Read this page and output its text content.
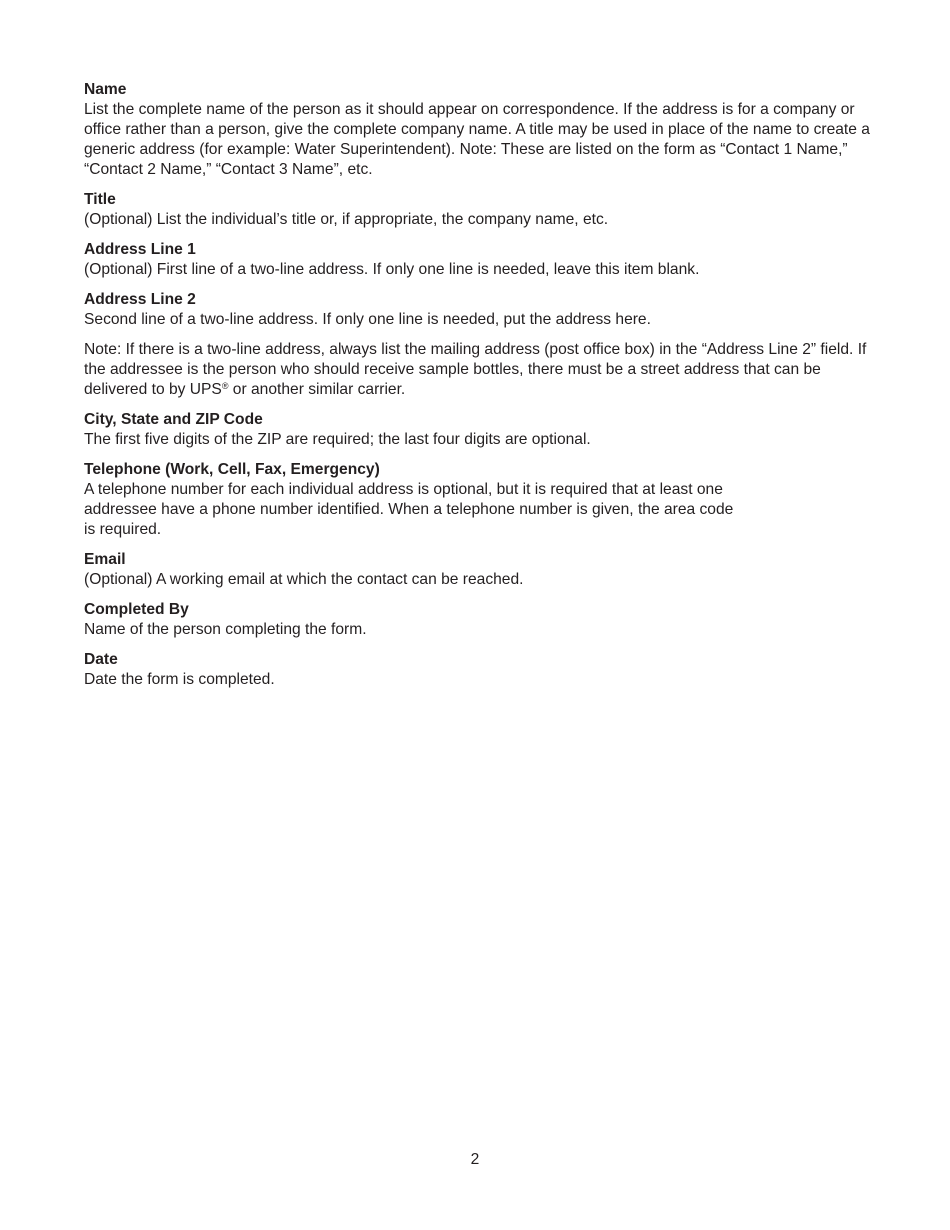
Name
List the complete name of the person as it should appear on correspondence. If the address is for a company or office rather than a person, give the complete company name. A title may be used in place of the name to create a generic address (for example: Water Superintendent). Note: These are listed on the form as “Contact 1 Name,” “Contact 2 Name,” “Contact 3 Name”, etc.
Title
(Optional) List the individual’s title or, if appropriate, the company name, etc.
Address Line 1
(Optional) First line of a two-line address. If only one line is needed, leave this item blank.
Address Line 2
Second line of a two-line address. If only one line is needed, put the address here.
Note: If there is a two-line address, always list the mailing address (post office box) in the “Address Line 2” field. If the addressee is the person who should receive sample bottles, there must be a street address that can be delivered to by UPS® or another similar carrier.
City, State and ZIP Code
The first five digits of the ZIP are required; the last four digits are optional.
Telephone (Work, Cell, Fax, Emergency)
A telephone number for each individual address is optional, but it is required that at least one
addressee have a phone number identified. When a telephone number is given, the area code
is required.
Email
(Optional) A working email at which the contact can be reached.
Completed By
Name of the person completing the form.
Date
Date the form is completed.
2
